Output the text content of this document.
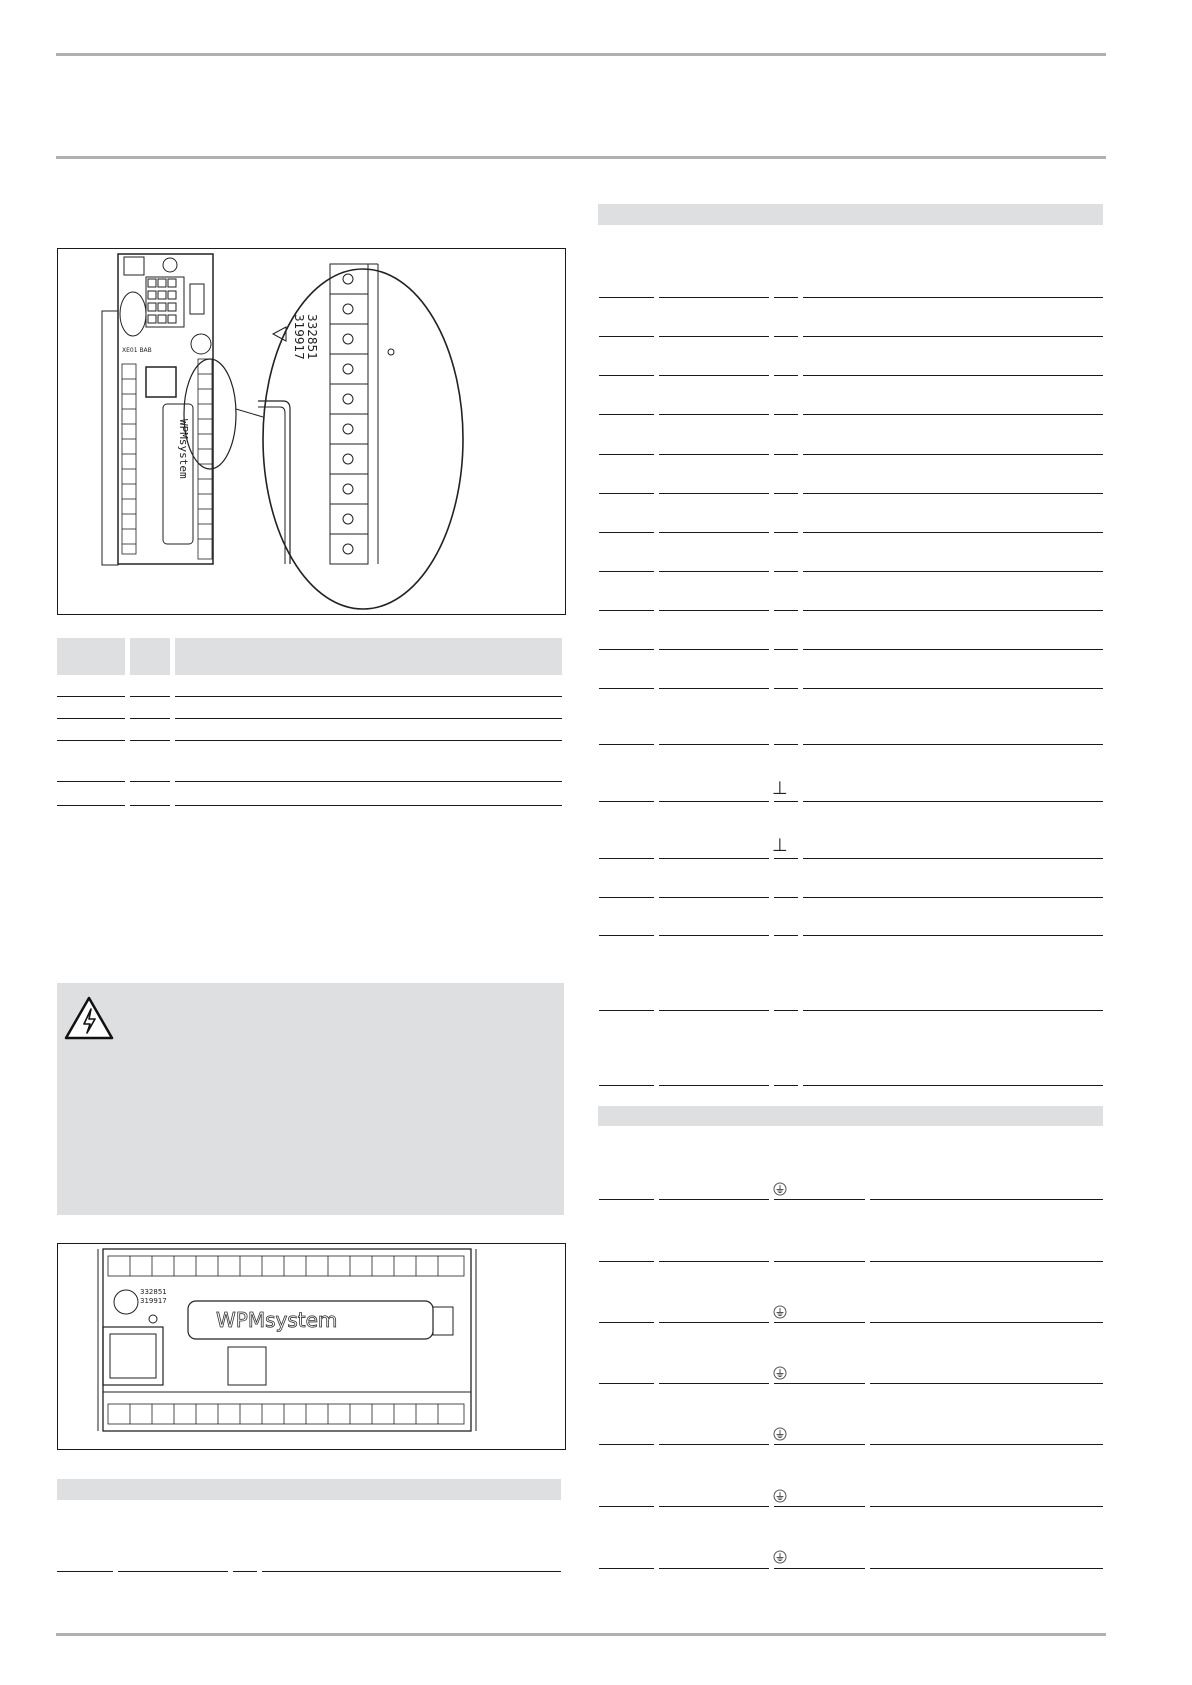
XE01 BAB
WPMsystem
332851
319917
332851
319917
WPMsystem
⊥
⊥
